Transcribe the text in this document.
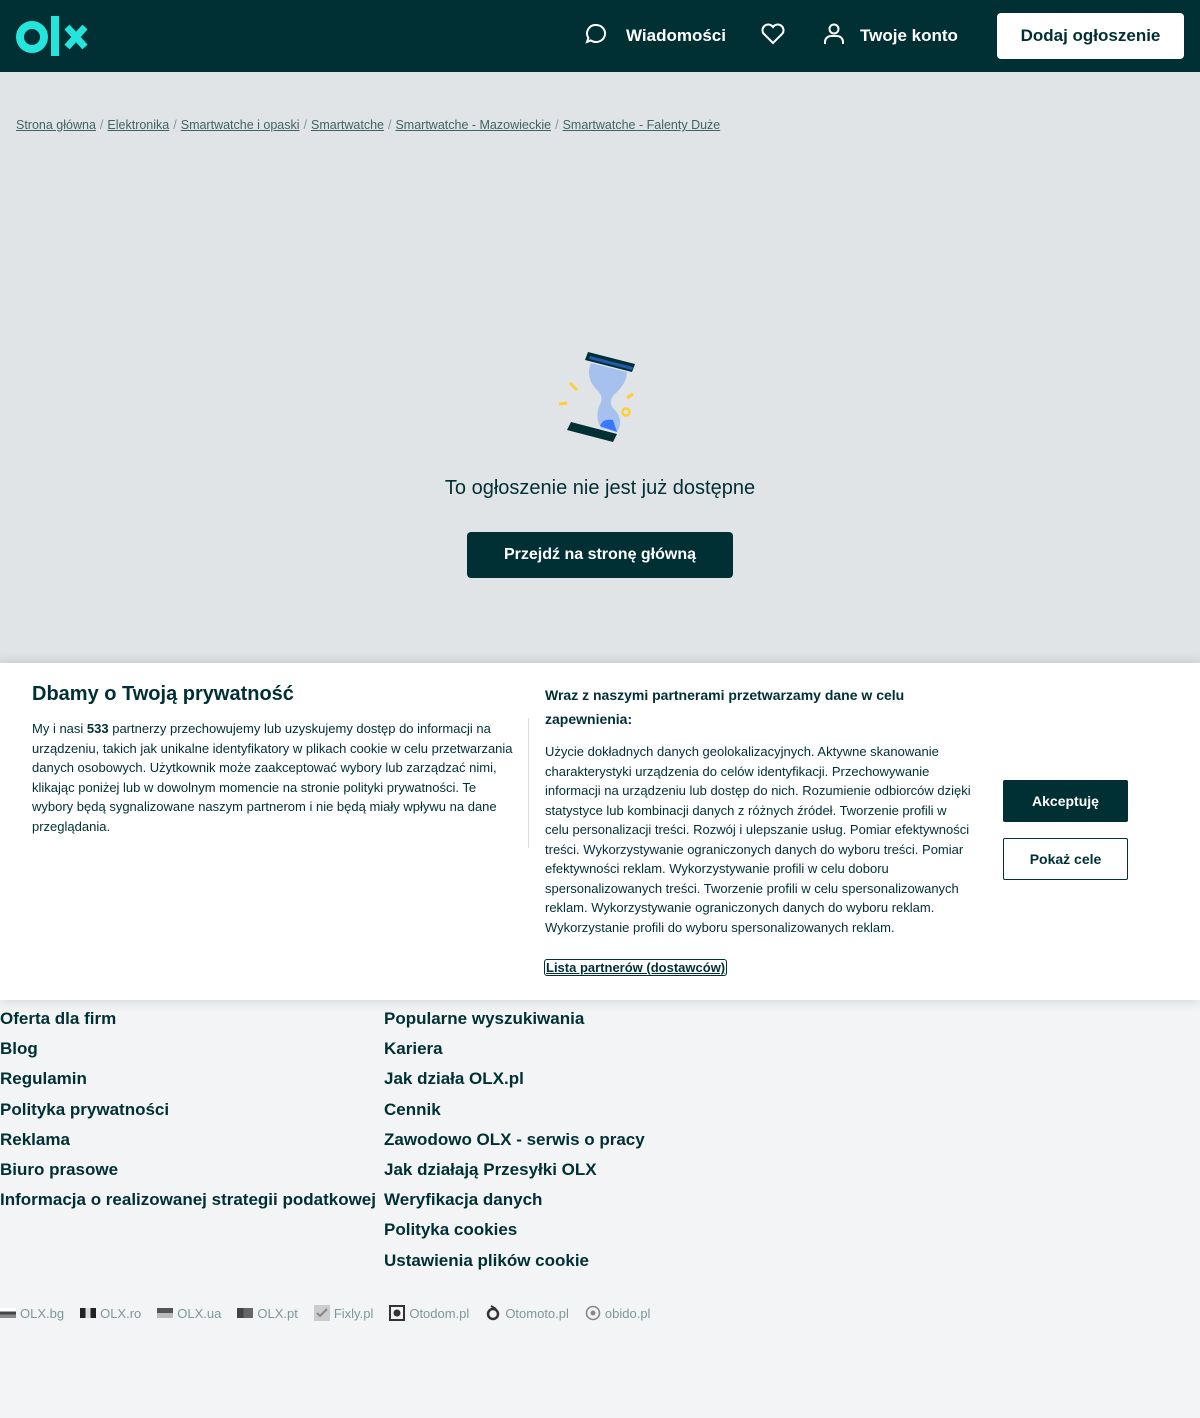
Wiadomości	Twoje konto	Dodaj ogłoszenie
Strona główna / Elektronika / Smartwatche i opaski / Smartwatche / Smartwatche - Mazowieckie / Smartwatche - Falenty Duże
To ogłoszenie nie jest już dostępne
Przejdź na stronę główną
Dbamy o Twoją prywatność
My i nasi 533 partnerzy przechowujemy lub uzyskujemy dostęp do informacji na urządzeniu, takich jak unikalne identyfikatory w plikach cookie w celu przetwarzania danych osobowych. Użytkownik może zaakceptować wybory lub zarządzać nimi, klikając poniżej lub w dowolnym momencie na stronie polityki prywatności. Te wybory będą sygnalizowane naszym partnerom i nie będą miały wpływu na dane przeglądania.
Wraz z naszymi partnerami przetwarzamy dane w celu zapewnienia:
Użycie dokładnych danych geolokalizacyjnych. Aktywne skanowanie charakterystyki urządzenia do celów identyfikacji. Przechowywanie informacji na urządzeniu lub dostęp do nich. Rozumienie odbiorców dzięki statystyce lub kombinacji danych z różnych źródeł. Tworzenie profili w celu personalizacji treści. Rozwój i ulepszanie usług. Pomiar efektywności treści. Wykorzystywanie ograniczonych danych do wyboru treści. Pomiar efektywności reklam. Wykorzystywanie profili w celu doboru spersonalizowanych treści. Tworzenie profili w celu spersonalizowanych reklam. Wykorzystywanie ograniczonych danych do wyboru reklam. Wykorzystanie profili do wyboru spersonalizowanych reklam.
Lista partnerów (dostawców)
Akceptuję
Pokaż cele
Oferta dla firm
Blog
Regulamin
Polityka prywatności
Reklama
Biuro prasowe
Informacja o realizowanej strategii podatkowej
Popularne wyszukiwania
Kariera
Jak działa OLX.pl
Cennik
Zawodowo OLX - serwis o pracy
Jak działają Przesyłki OLX
Weryfikacja danych
Polityka cookies
Ustawienia plików cookie
OLX.bg	OLX.ro	OLX.ua	OLX.pt	Fixly.pl	Otodom.pl	Otomoto.pl	obido.pl
